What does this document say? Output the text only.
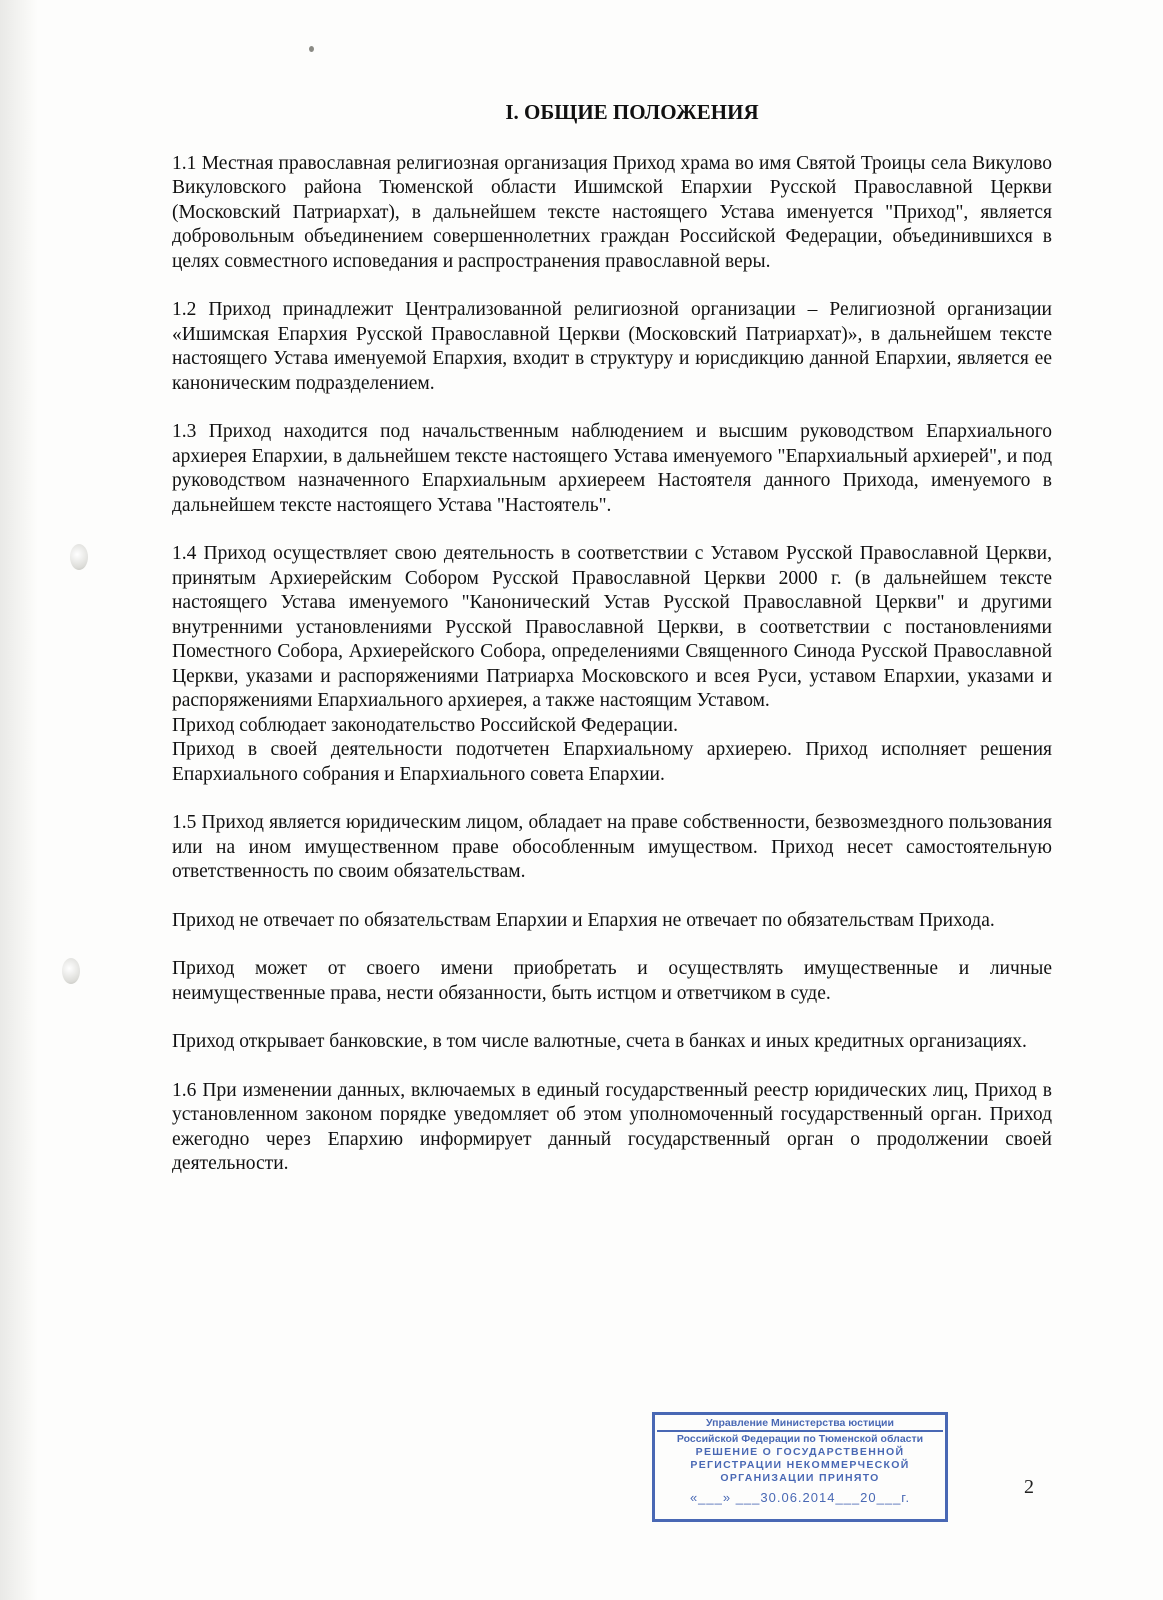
I. ОБЩИЕ ПОЛОЖЕНИЯ

1.1 Местная православная религиозная организация Приход храма во имя Святой Троицы села Викулово Викуловского района Тюменской области Ишимской Епархии Русской Православной Церкви (Московский Патриархат), в дальнейшем тексте настоящего Устава именуется "Приход", является добровольным объединением совершеннолетних граждан Российской Федерации, объединившихся в целях совместного исповедания и распространения православной веры.

1.2 Приход принадлежит Централизованной религиозной организации – Религиозной организации «Ишимская Епархия Русской Православной Церкви (Московский Патриархат)», в дальнейшем тексте настоящего Устава именуемой Епархия, входит в структуру и юрисдикцию данной Епархии, является ее каноническим подразделением.

1.3 Приход находится под начальственным наблюдением и высшим руководством Епархиального архиерея Епархии, в дальнейшем тексте настоящего Устава именуемого "Епархиальный архиерей", и под руководством назначенного Епархиальным архиереем Настоятеля данного Прихода, именуемого в дальнейшем тексте настоящего Устава "Настоятель".

1.4 Приход осуществляет свою деятельность в соответствии с Уставом Русской Православной Церкви, принятым Архиерейским Собором Русской Православной Церкви 2000 г. (в дальнейшем тексте настоящего Устава именуемого "Канонический Устав Русской Православной Церкви" и другими внутренними установлениями Русской Православной Церкви, в соответствии с постановлениями Поместного Собора, Архиерейского Собора, определениями Священного Синода Русской Православной Церкви, указами и распоряжениями Патриарха Московского и всея Руси, уставом Епархии, указами и распоряжениями Епархиального архиерея, а также настоящим Уставом.

Приход соблюдает законодательство Российской Федерации.

Приход в своей деятельности подотчетен Епархиальному архиерею. Приход исполняет решения Епархиального собрания и Епархиального совета Епархии.

1.5 Приход является юридическим лицом, обладает на праве собственности, безвозмездного пользования или на ином имущественном праве обособленным имуществом. Приход несет самостоятельную ответственность по своим обязательствам.

Приход не отвечает по обязательствам Епархии и Епархия не отвечает по обязательствам Прихода.

Приход может от своего имени приобретать и осуществлять имущественные и личные неимущественные права, нести обязанности, быть истцом и ответчиком в суде.

Приход открывает банковские, в том числе валютные, счета в банках и иных кредитных организациях.

1.6 При изменении данных, включаемых в единый государственный реестр юридических лиц, Приход в установленном законом порядке уведомляет об этом уполномоченный государственный орган. Приход ежегодно через Епархию информирует данный государственный орган о продолжении своей деятельности.

Управление Министерства юстиции
Российской Федерации по Тюменской области
РЕШЕНИЕ О ГОСУДАРСТВЕННОЙ
РЕГИСТРАЦИИ НЕКОММЕРЧЕСКОЙ
ОРГАНИЗАЦИИ ПРИНЯТО
«___» ___30.06.2014___20___г.	2
